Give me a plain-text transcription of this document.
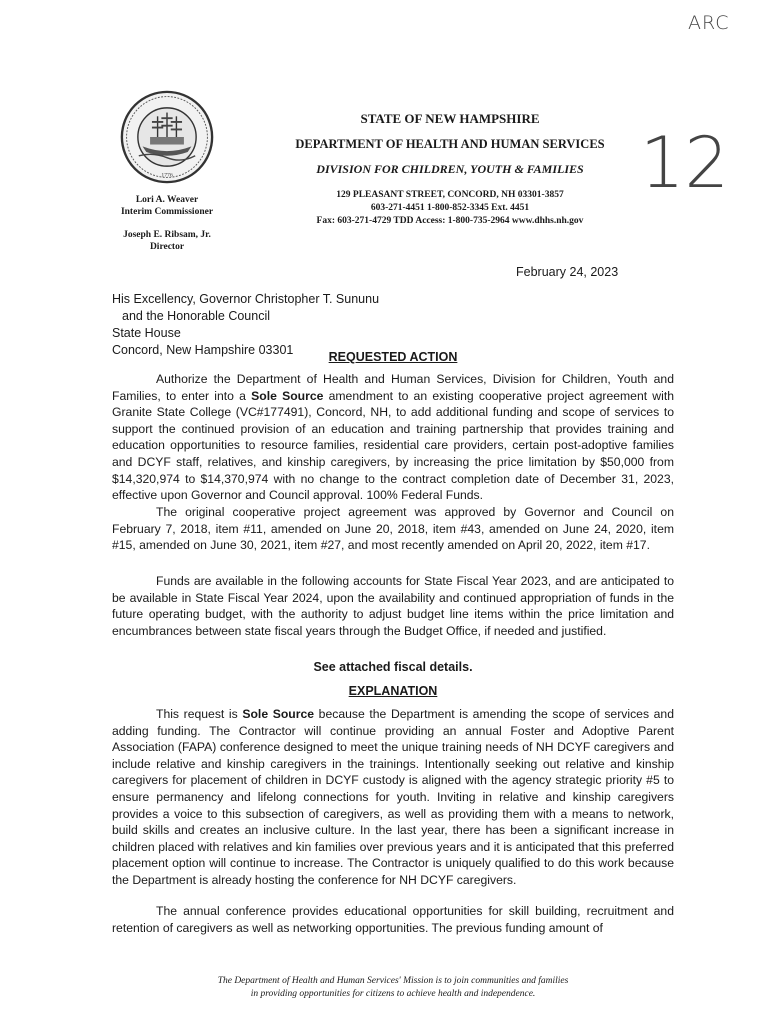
ARC
12
1776
STATE OF NEW HAMPSHIRE
DEPARTMENT OF HEALTH AND HUMAN SERVICES
DIVISION FOR CHILDREN, YOUTH & FAMILIES
129 PLEASANT STREET, CONCORD, NH 03301-3857
603-271-4451 1-800-852-3345 Ext. 4451
Fax: 603-271-4729 TDD Access: 1-800-735-2964 www.dhhs.nh.gov
Lori A. Weaver
Interim Commissioner
Joseph E. Ribsam, Jr.
Director
February 24, 2023
His Excellency, Governor Christopher T. Sununu
and the Honorable Council
State House
Concord, New Hampshire 03301	REQUESTED ACTION

Authorize the Department of Health and Human Services, Division for Children, Youth and Families, to enter into a Sole Source amendment to an existing cooperative project agreement with Granite State College (VC#177491), Concord, NH, to add additional funding and scope of services to support the continued provision of an education and training partnership that provides training and education opportunities to resource families, residential care providers, certain post-adoptive families and DCYF staff, relatives, and kinship caregivers, by increasing the price limitation by $50,000 from $14,320,974 to $14,370,974 with no change to the contract completion date of December 31, 2023, effective upon Governor and Council approval. 100% Federal Funds.

The original cooperative project agreement was approved by Governor and Council on February 7, 2018, item #11, amended on June 20, 2018, item #43, amended on June 24, 2020, item #15, amended on June 30, 2021, item #27, and most recently amended on April 20, 2022, item #17.

Funds are available in the following accounts for State Fiscal Year 2023, and are anticipated to be available in State Fiscal Year 2024, upon the availability and continued appropriation of funds in the future operating budget, with the authority to adjust budget line items within the price limitation and encumbrances between state fiscal years through the Budget Office, if needed and justified.

See attached fiscal details.
EXPLANATION

This request is Sole Source because the Department is amending the scope of services and adding funding. The Contractor will continue providing an annual Foster and Adoptive Parent Association (FAPA) conference designed to meet the unique training needs of NH DCYF caregivers and include relative and kinship caregivers in the trainings. Intentionally seeking out relative and kinship caregivers for placement of children in DCYF custody is aligned with the agency strategic priority #5 to ensure permanency and lifelong connections for youth. Inviting in relative and kinship caregivers provides a voice to this subsection of caregivers, as well as providing them with a means to network, build skills and creates an inclusive culture. In the last year, there has been a significant increase in children placed with relatives and kin families over previous years and it is anticipated that this preferred placement option will continue to increase. The Contractor is uniquely qualified to do this work because the Department is already hosting the conference for NH DCYF caregivers.

The annual conference provides educational opportunities for skill building, recruitment and retention of caregivers as well as networking opportunities. The previous funding amount of

The Department of Health and Human Services' Mission is to join communities and families
in providing opportunities for citizens to achieve health and independence.
